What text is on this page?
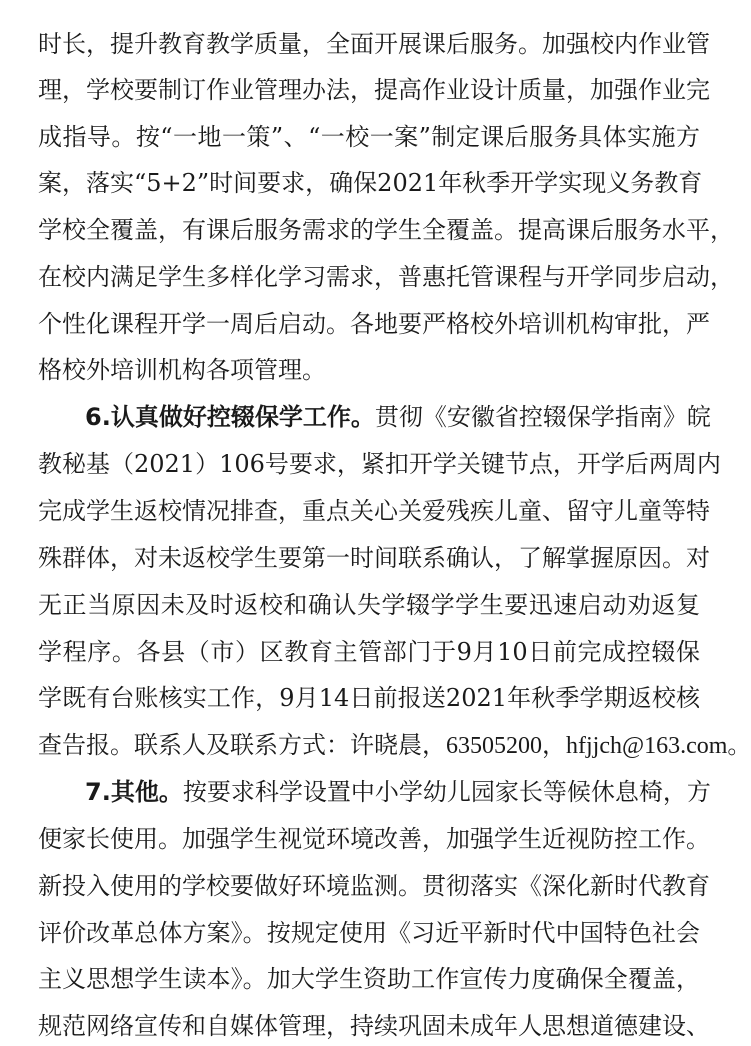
时长，提升教育教学质量，全面开展课后服务。加强校内作业管
理，学校要制订作业管理办法，提高作业设计质量，加强作业完
成指导。按“一地一策”、“一校一案”制定课后服务具体实施方
案，落实“5+2”时间要求，确保2021年秋季开学实现义务教育
学校全覆盖，有课后服务需求的学生全覆盖。提高课后服务水平，
在校内满足学生多样化学习需求，普惠托管课程与开学同步启动，
个性化课程开学一周后启动。各地要严格校外培训机构审批，严
格校外培训机构各项管理。
6.认真做好控辍保学工作。贯彻《安徽省控辍保学指南》皖
教秘基（2021）106号要求，紧扣开学关键节点，开学后两周内
完成学生返校情况排查，重点关心关爱残疾儿童、留守儿童等特
殊群体，对未返校学生要第一时间联系确认，了解掌握原因。对
无正当原因未及时返校和确认失学辍学学生要迅速启动劝返复
学程序。各县（市）区教育主管部门于9月10日前完成控辍保
学既有台账核实工作，9月14日前报送2021年秋季学期返校核
查告报。联系人及联系方式：许晓晨，63505200，hfjjch@163.com。
7.其他。按要求科学设置中小学幼儿园家长等候休息椅，方
便家长使用。加强学生视觉环境改善，加强学生近视防控工作。
新投入使用的学校要做好环境监测。贯彻落实《深化新时代教育
评价改革总体方案》。按规定使用《习近平新时代中国特色社会
主义思想学生读本》。加大学生资助工作宣传力度确保全覆盖，
规范网络宣传和自媒体管理，持续巩固未成年人思想道德建设、
